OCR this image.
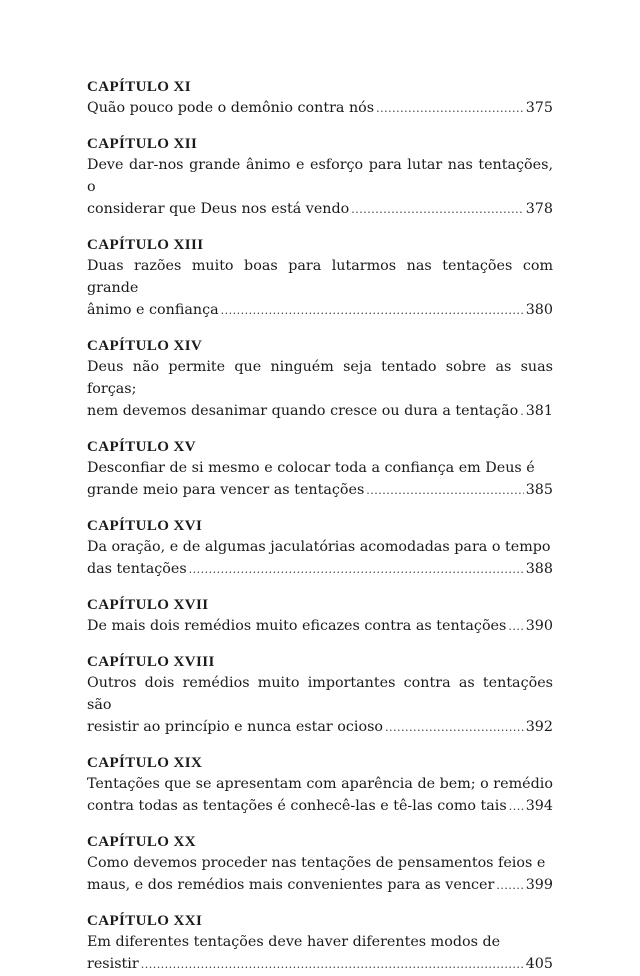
CAPÍTULO XI
Quão pouco pode o demônio contra nós .....	375
CAPÍTULO XII
Deve dar-nos grande ânimo e esforço para lutar nas tentações, o
considerar que Deus nos está vendo .....	378
CAPÍTULO XIII
Duas razões muito boas para lutarmos nas tentações com grande
ânimo e confiança .....	380
CAPÍTULO XIV
Deus não permite que ninguém seja tentado sobre as suas forças;
nem devemos desanimar quando cresce ou dura a tentação ..... 381
CAPÍTULO XV
Desconfiar de si mesmo e colocar toda a confiança em Deus é
grande meio para vencer as tentações .....	385
CAPÍTULO XVI
Da oração, e de algumas jaculatórias acomodadas para o tempo
das tentações .....	388
CAPÍTULO XVII
De mais dois remédios muito eficazes contra as tentações ..... 390
CAPÍTULO XVIII
Outros dois remédios muito importantes contra as tentações são
resistir ao princípio e nunca estar ocioso .....	392
CAPÍTULO XIX
Tentações que se apresentam com aparência de bem; o remédio
contra todas as tentações é conhecê-las e tê-las como tais ..... 394
CAPÍTULO XX
Como devemos proceder nas tentações de pensamentos feios e
maus, e dos remédios mais convenientes para as vencer ..... 399
CAPÍTULO XXI
Em diferentes tentações deve haver diferentes modos de
resistir .....	405
